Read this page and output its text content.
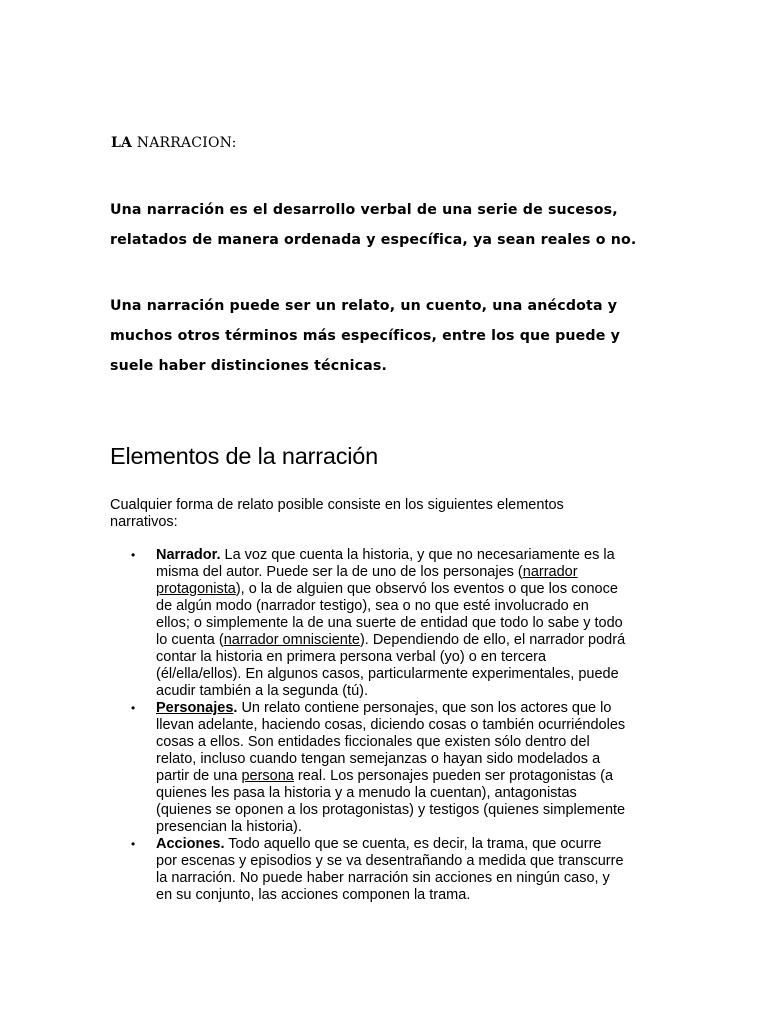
LA NARRACION:
Una narración es el desarrollo verbal de una serie de sucesos,
relatados de manera ordenada y específica, ya sean reales o no.
Una narración puede ser un relato, un cuento, una anécdota y
muchos otros términos más específicos, entre los que puede y
suele haber distinciones técnicas.
Elementos de la narración
Cualquier forma de relato posible consiste en los siguientes elementos
narrativos:
• Narrador. La voz que cuenta la historia, y que no necesariamente es la
misma del autor. Puede ser la de uno de los personajes (narrador
protagonista), o la de alguien que observó los eventos o que los conoce
de algún modo (narrador testigo), sea o no que esté involucrado en
ellos; o simplemente la de una suerte de entidad que todo lo sabe y todo
lo cuenta (narrador omnisciente). Dependiendo de ello, el narrador podrá
contar la historia en primera persona verbal (yo) o en tercera
(él/ella/ellos). En algunos casos, particularmente experimentales, puede
acudir también a la segunda (tú).
• Personajes. Un relato contiene personajes, que son los actores que lo
llevan adelante, haciendo cosas, diciendo cosas o también ocurriéndoles
cosas a ellos. Son entidades ficcionales que existen sólo dentro del
relato, incluso cuando tengan semejanzas o hayan sido modelados a
partir de una persona real. Los personajes pueden ser protagonistas (a
quienes les pasa la historia y a menudo la cuentan), antagonistas
(quienes se oponen a los protagonistas) y testigos (quienes simplemente
presencian la historia).
• Acciones. Todo aquello que se cuenta, es decir, la trama, que ocurre
por escenas y episodios y se va desentrañando a medida que transcurre
la narración. No puede haber narración sin acciones en ningún caso, y
en su conjunto, las acciones componen la trama.
